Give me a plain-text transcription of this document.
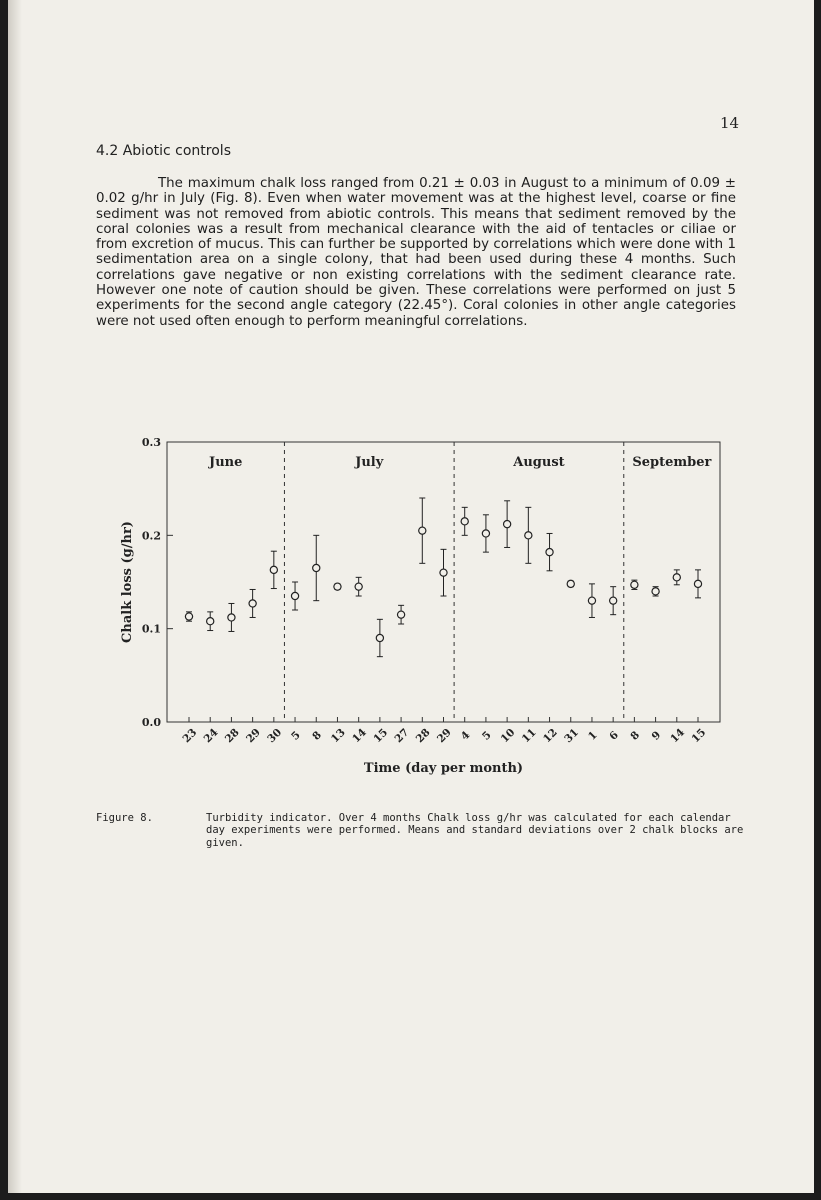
14
4.2 Abiotic controls

The maximum chalk loss ranged from 0.21 ± 0.03 in August to a minimum of 0.09 ± 0.02 g/hr in July (Fig. 8). Even when water movement was at the highest level, coarse or fine sediment was not removed from abiotic controls. This means that sediment removed by the coral colonies was a result from mechanical clearance with the aid of tentacles or ciliae or from excretion of mucus. This can further be supported by correlations which were done with 1 sedimentation area on a single colony, that had been used during these 4 months. Such correlations gave negative or non existing correlations with the sediment clearance rate. However one note of caution should be given. These correlations were performed on just 5 experiments for the second angle category (22.45°). Coral colonies in other angle categories were not used often enough to perform meaningful correlations.

0.0
0.1
0.2
0.3
Chalk loss (g/hr)
June	July	August	September
23 24 28 29 30 5 8 13 14 15 27 28 29 4 5 10 11 12 31 1 6 8 9 14 15
Time (day per month)
Figure 8.	Turbidity indicator. Over 4 months Chalk loss g/hr was calculated for each calendar day experiments were performed. Means and standard deviations over 2 chalk blocks are given.
